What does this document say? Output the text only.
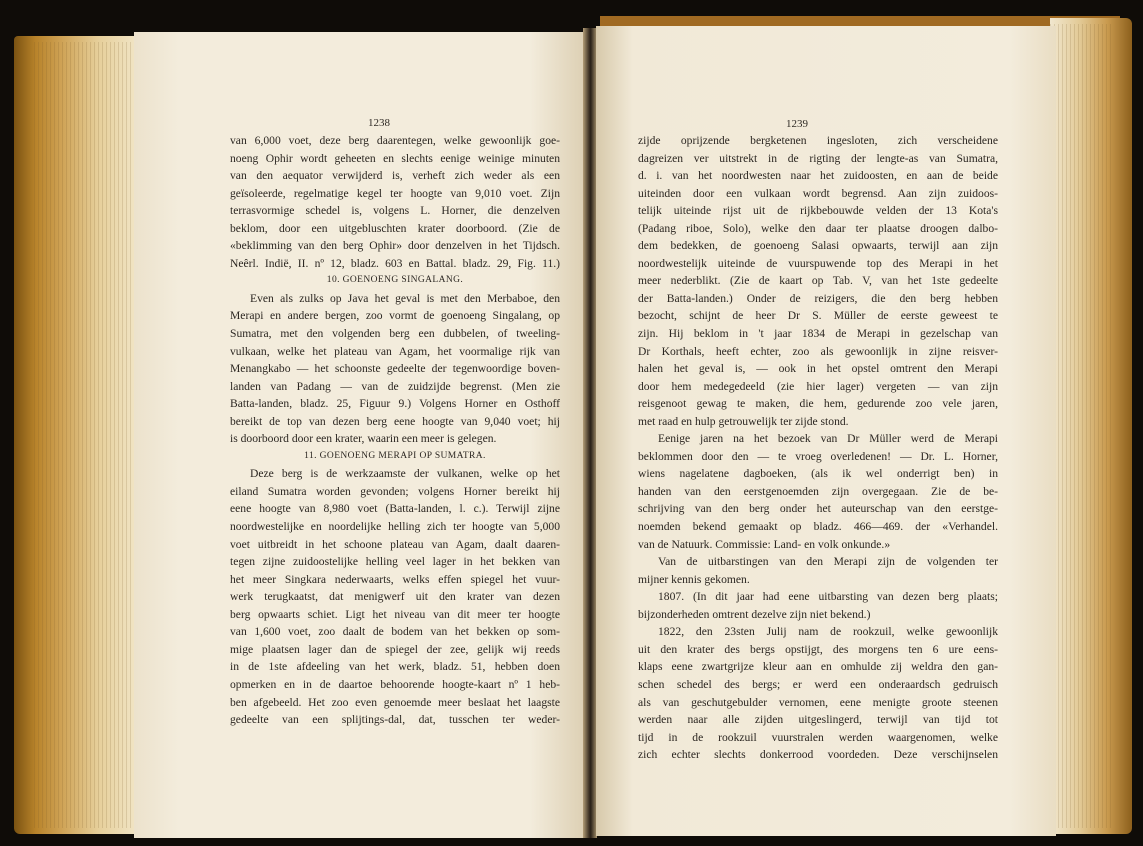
1238
van 6,000 voet, deze berg daarentegen, welke gewoonlijk goe-
noeng Ophir wordt geheeten en slechts eenige weinige minuten
van den aequator verwijderd is, verheft zich weder als een
geïsoleerde, regelmatige kegel ter hoogte van 9,010 voet. Zijn
terrasvormige schedel is, volgens L. Horner, die denzelven
beklom, door een uitgebluschten krater doorboord. (Zie de
«beklimming van den berg Ophir» door denzelven in het Tijdsch.
Neêrl. Indië, II. nº 12, bladz. 603 en Battal. bladz. 29, Fig. 11.)
10. GOENOENG SINGALANG.
Even als zulks op Java het geval is met den Merbaboe, den
Merapi en andere bergen, zoo vormt de goenoeng Singalang, op
Sumatra, met den volgenden berg een dubbelen, of tweeling-
vulkaan, welke het plateau van Agam, het voormalige rijk van
Menangkabo — het schoonste gedeelte der tegenwoordige boven-
landen van Padang — van de zuidzijde begrenst. (Men zie
Batta-landen, bladz. 25, Figuur 9.) Volgens Horner en Osthoff
bereikt de top van dezen berg eene hoogte van 9,040 voet; hij
is doorboord door een krater, waarin een meer is gelegen.
11. GOENOENG MERAPI OP SUMATRA.
Deze berg is de werkzaamste der vulkanen, welke op het
eiland Sumatra worden gevonden; volgens Horner bereikt hij
eene hoogte van 8,980 voet (Batta-landen, l. c.). Terwijl zijne
noordwestelijke en noordelijke helling zich ter hoogte van 5,000
voet uitbreidt in het schoone plateau van Agam, daalt daaren-
tegen zijne zuidoostelijke helling veel lager in het bekken van
het meer Singkara nederwaarts, welks effen spiegel het vuur-
werk terugkaatst, dat menigwerf uit den krater van dezen
berg opwaarts schiet. Ligt het niveau van dit meer ter hoogte
van 1,600 voet, zoo daalt de bodem van het bekken op som-
mige plaatsen lager dan de spiegel der zee, gelijk wij reeds
in de 1ste afdeeling van het werk, bladz. 51, hebben doen
opmerken en in de daartoe behoorende hoogte-kaart nº 1 heb-
ben afgebeeld. Het zoo even genoemde meer beslaat het laagste
gedeelte van een splijtings-dal, dat, tusschen ter weder-
1239
zijde oprijzende bergketenen ingesloten, zich verscheidene
dagreizen ver uitstrekt in de rigting der lengte-as van Sumatra,
d. i. van het noordwesten naar het zuidoosten, en aan de beide
uiteinden door een vulkaan wordt begrensd. Aan zijn zuidoos-
telijk uiteinde rijst uit de rijkbebouwde velden der 13 Kota's
(Padang riboe, Solo), welke den daar ter plaatse droogen dalbo-
dem bedekken, de goenoeng Salasi opwaarts, terwijl aan zijn
noordwestelijk uiteinde de vuurspuwende top des Merapi in het
meer nederblikt. (Zie de kaart op Tab. V, van het 1ste gedeelte
der Batta-landen.) Onder de reizigers, die den berg hebben
bezocht, schijnt de heer Dr S. Müller de eerste geweest te
zijn. Hij beklom in 't jaar 1834 de Merapi in gezelschap van
Dr Korthals, heeft echter, zoo als gewoonlijk in zijne reisver-
halen het geval is, — ook in het opstel omtrent den Merapi
door hem medegedeeld (zie hier lager) vergeten — van zijn
reisgenoot gewag te maken, die hem, gedurende zoo vele jaren,
met raad en hulp getrouwelijk ter zijde stond.
Eenige jaren na het bezoek van Dr Müller werd de Merapi
beklommen door den — te vroeg overledenen! — Dr. L. Horner,
wiens nagelatene dagboeken, (als ik wel onderrigt ben) in
handen van den eerstgenoemden zijn overgegaan. Zie de be-
schrijving van den berg onder het auteurschap van den eerstge-
noemden bekend gemaakt op bladz. 466—469. der «Verhandel.
van de Natuurk. Commissie: Land- en volk onkunde.»
Van de uitbarstingen van den Merapi zijn de volgenden ter
mijner kennis gekomen.
1807. (In dit jaar had eene uitbarsting van dezen berg plaats;
bijzonderheden omtrent dezelve zijn niet bekend.)
1822, den 23sten Julij nam de rookzuil, welke gewoonlijk
uit den krater des bergs opstijgt, des morgens ten 6 ure eens-
klaps eene zwartgrijze kleur aan en omhulde zij weldra den gan-
schen schedel des bergs; er werd een onderaardsch gedruisch
als van geschutgebulder vernomen, eene menigte groote steenen
werden naar alle zijden uitgeslingerd, terwijl van tijd tot
tijd in de rookzuil vuurstralen werden waargenomen, welke
zich echter slechts donkerrood voordeden. Deze verschijnselen
